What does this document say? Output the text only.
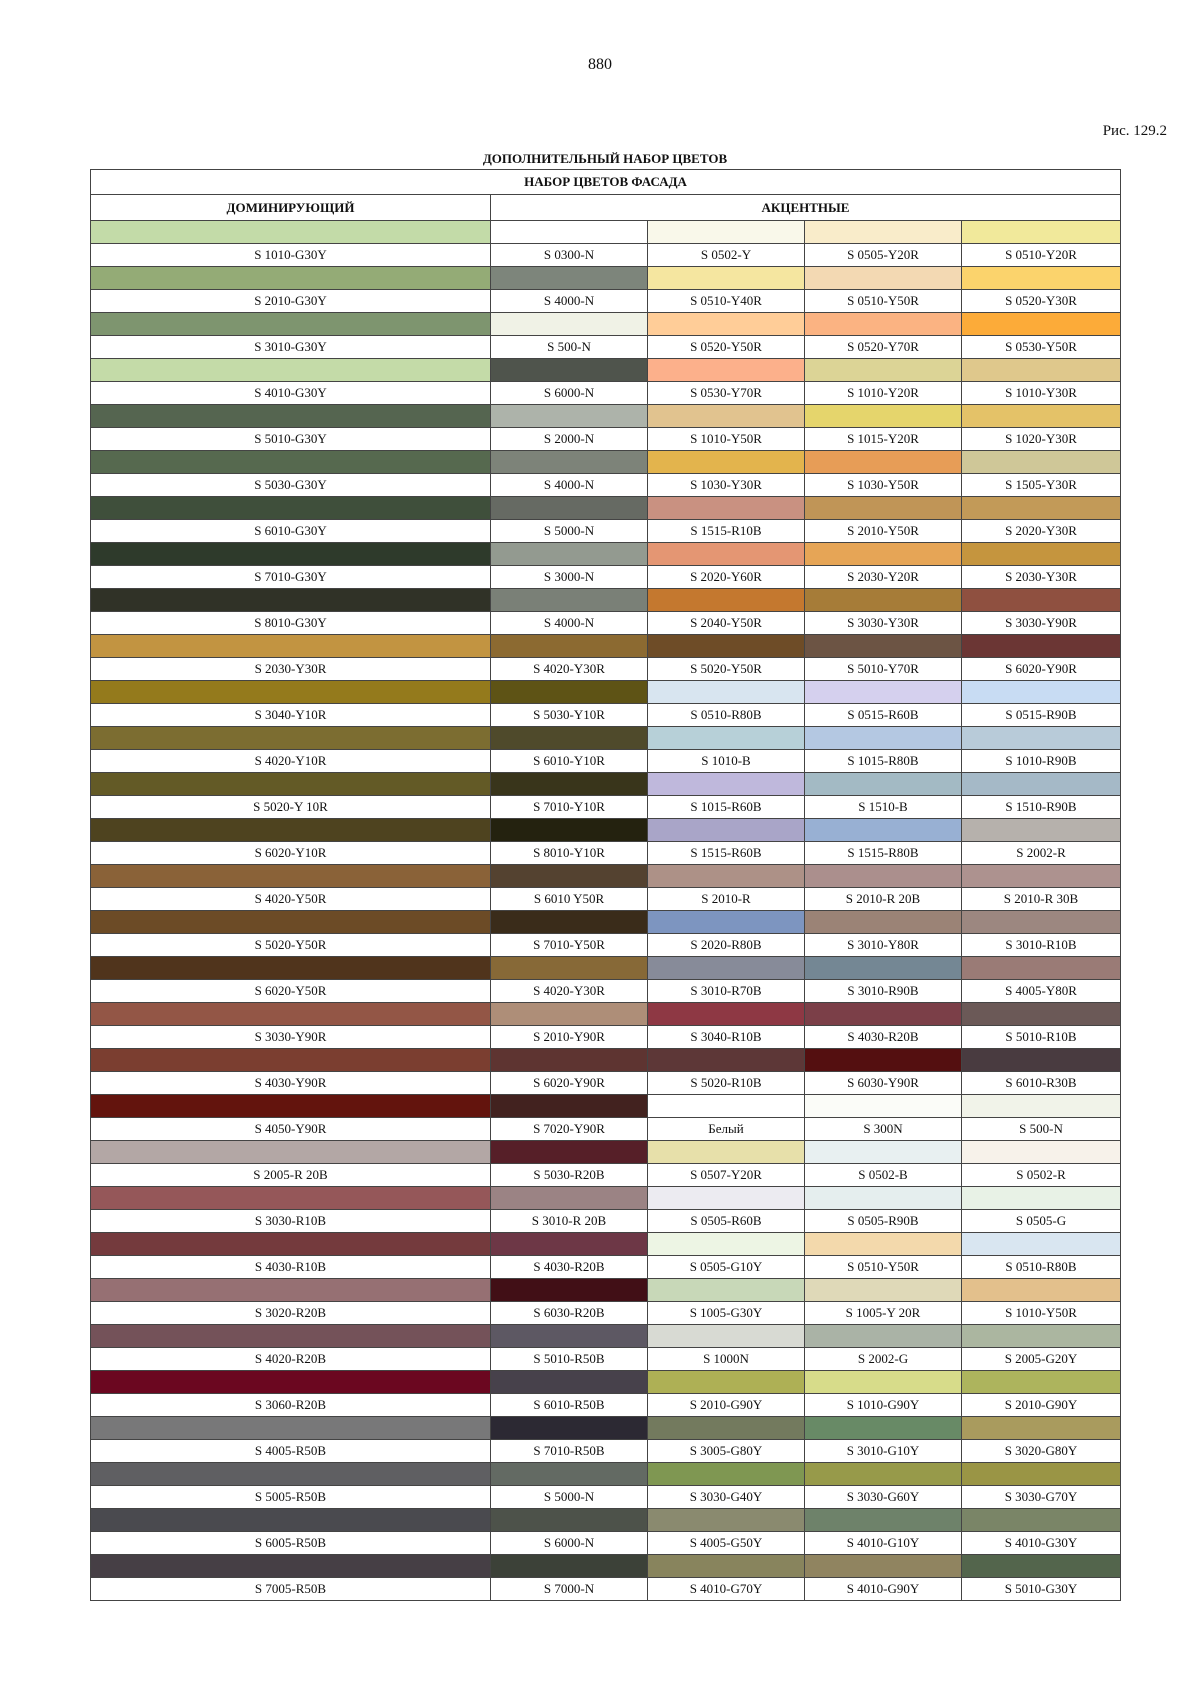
880
Рис. 129.2
ДОПОЛНИТЕЛЬНЫЙ НАБОР ЦВЕТОВ
НАБОР ЦВЕТОВ ФАСАДА				
ДОМИНИРУЮЩИЙ	АКЦЕНТНЫЕ			

S 1010-G30Y	S 0300-N	S 0502-Y	S 0505-Y20R	S 0510-Y20R

S 2010-G30Y	S 4000-N	S 0510-Y40R	S 0510-Y50R	S 0520-Y30R

S 3010-G30Y	S 500-N	S 0520-Y50R	S 0520-Y70R	S 0530-Y50R

S 4010-G30Y	S 6000-N	S 0530-Y70R	S 1010-Y20R	S 1010-Y30R

S 5010-G30Y	S 2000-N	S 1010-Y50R	S 1015-Y20R	S 1020-Y30R

S 5030-G30Y	S 4000-N	S 1030-Y30R	S 1030-Y50R	S 1505-Y30R

S 6010-G30Y	S 5000-N	S 1515-R10B	S 2010-Y50R	S 2020-Y30R

S 7010-G30Y	S 3000-N	S 2020-Y60R	S 2030-Y20R	S 2030-Y30R

S 8010-G30Y	S 4000-N	S 2040-Y50R	S 3030-Y30R	S 3030-Y90R

S 2030-Y30R	S 4020-Y30R	S 5020-Y50R	S 5010-Y70R	S 6020-Y90R

S 3040-Y10R	S 5030-Y10R	S 0510-R80B	S 0515-R60B	S 0515-R90B

S 4020-Y10R	S 6010-Y10R	S 1010-B	S 1015-R80B	S 1010-R90B

S 5020-Y 10R	S 7010-Y10R	S 1015-R60B	S 1510-B	S 1510-R90B

S 6020-Y10R	S 8010-Y10R	S 1515-R60B	S 1515-R80B	S 2002-R

S 4020-Y50R	S 6010 Y50R	S 2010-R	S 2010-R 20B	S 2010-R 30B

S 5020-Y50R	S 7010-Y50R	S 2020-R80B	S 3010-Y80R	S 3010-R10B

S 6020-Y50R	S 4020-Y30R	S 3010-R70B	S 3010-R90B	S 4005-Y80R

S 3030-Y90R	S 2010-Y90R	S 3040-R10B	S 4030-R20B	S 5010-R10B

S 4030-Y90R	S 6020-Y90R	S 5020-R10B	S 6030-Y90R	S 6010-R30B

S 4050-Y90R	S 7020-Y90R	Белый	S 300N	S 500-N

S 2005-R 20B	S 5030-R20B	S 0507-Y20R	S 0502-B	S 0502-R

S 3030-R10B	S 3010-R 20B	S 0505-R60B	S 0505-R90B	S 0505-G

S 4030-R10B	S 4030-R20B	S 0505-G10Y	S 0510-Y50R	S 0510-R80B

S 3020-R20B	S 6030-R20B	S 1005-G30Y	S 1005-Y 20R	S 1010-Y50R

S 4020-R20B	S 5010-R50B	S 1000N	S 2002-G	S 2005-G20Y

S 3060-R20B	S 6010-R50B	S 2010-G90Y	S 1010-G90Y	S 2010-G90Y

S 4005-R50B	S 7010-R50B	S 3005-G80Y	S 3010-G10Y	S 3020-G80Y

S 5005-R50B	S 5000-N	S 3030-G40Y	S 3030-G60Y	S 3030-G70Y

S 6005-R50B	S 6000-N	S 4005-G50Y	S 4010-G10Y	S 4010-G30Y

S 7005-R50B	S 7000-N	S 4010-G70Y	S 4010-G90Y	S 5010-G30Y
